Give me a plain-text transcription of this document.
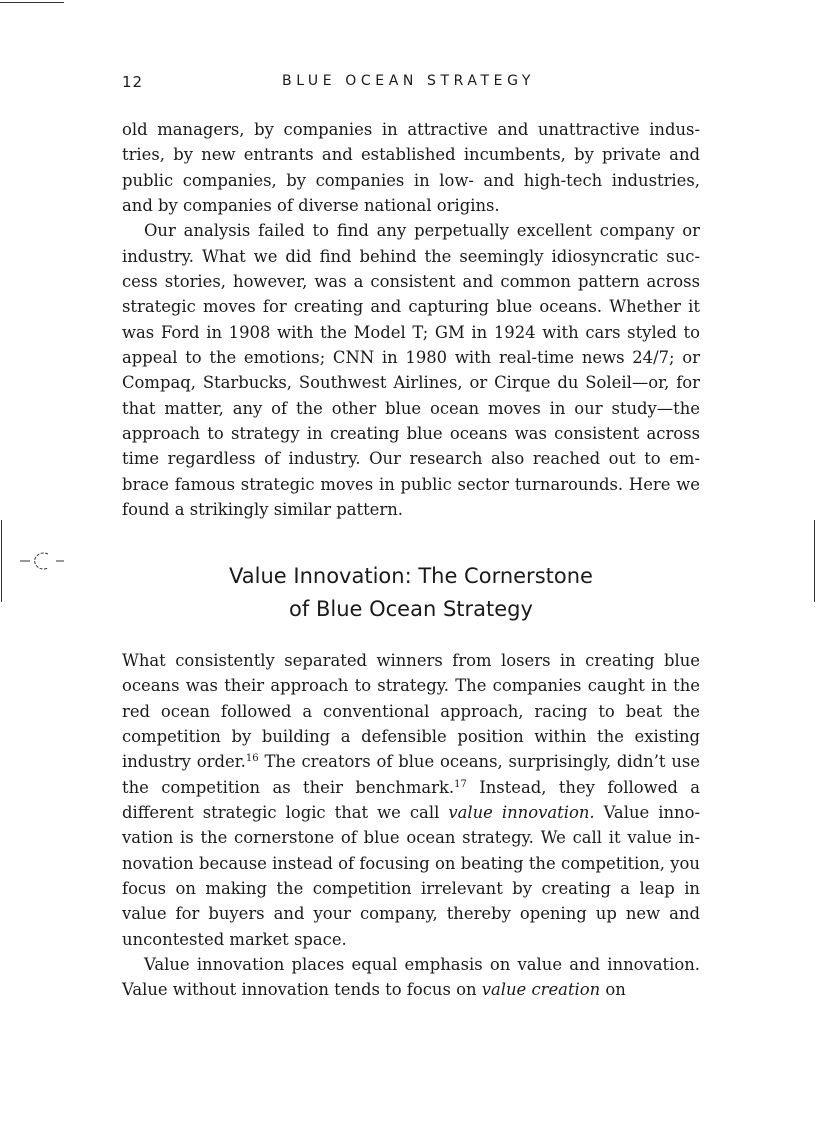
12	BLUE OCEAN STRATEGY

old managers, by companies in attractive and unattractive industries, by new entrants and established incumbents, by private and public companies, by companies in low- and high-tech industries, and by companies of diverse national origins.

Our analysis failed to find any perpetually excellent company or industry. What we did find behind the seemingly idiosyncratic success stories, however, was a consistent and common pattern across strategic moves for creating and capturing blue oceans. Whether it was Ford in 1908 with the Model T; GM in 1924 with cars styled to appeal to the emotions; CNN in 1980 with real-time news 24/7; or Compaq, Starbucks, Southwest Airlines, or Cirque du Soleil—or, for that matter, any of the other blue ocean moves in our study—the approach to strategy in creating blue oceans was consistent across time regardless of industry. Our research also reached out to embrace famous strategic moves in public sector turnarounds. Here we found a strikingly similar pattern.

Value Innovation: The Cornerstone
of Blue Ocean Strategy

What consistently separated winners from losers in creating blue oceans was their approach to strategy. The companies caught in the red ocean followed a conventional approach, racing to beat the competition by building a defensible position within the existing industry order.$^{16}$ The creators of blue oceans, surprisingly, didn’t use the competition as their benchmark.$^{17}$ Instead, they followed a different strategic logic that we call value innovation. Value innovation is the cornerstone of blue ocean strategy. We call it value innovation because instead of focusing on beating the competition, you focus on making the competition irrelevant by creating a leap in value for buyers and your company, thereby opening up new and uncontested market space.

Value innovation places equal emphasis on value and innovation. Value without innovation tends to focus on value creation on
